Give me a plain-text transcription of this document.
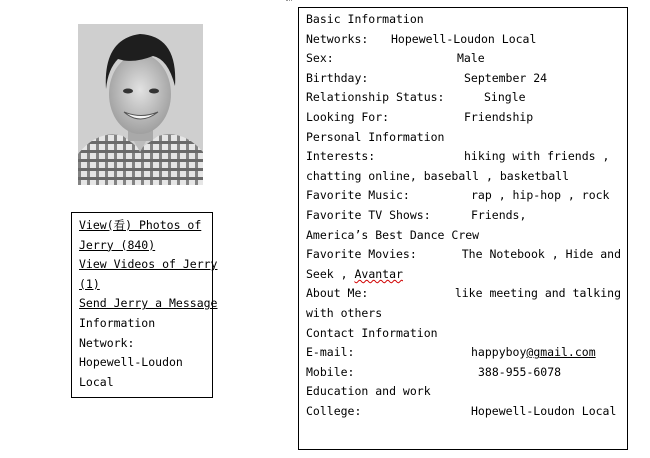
View(看) Photos of
Jerry (840)
View Videos of Jerry
(1)
Send Jerry a Message
Information
Network:
Hopewell-Loudon
Local
Basic Information
Networks: Hopewell-Loudon Local
Sex:	Male
Birthday:	September 24
Relationship Status:	Single
Looking For:	Friendship
Personal Information
Interests:	hiking with friends ,
chatting online, baseball , basketball
Favorite Music:	rap , hip-hop , rock
Favorite TV Shows:	Friends,
America’s Best Dance Crew
Favorite Movies:	The Notebook , Hide and
Seek , Avantar
About Me:	like meeting and talking
with others
Contact Information
E-mail:	happyboy@gmail.com
Mobile:	388-955-6078
Education and work
College:	Hopewell-Loudon Local
